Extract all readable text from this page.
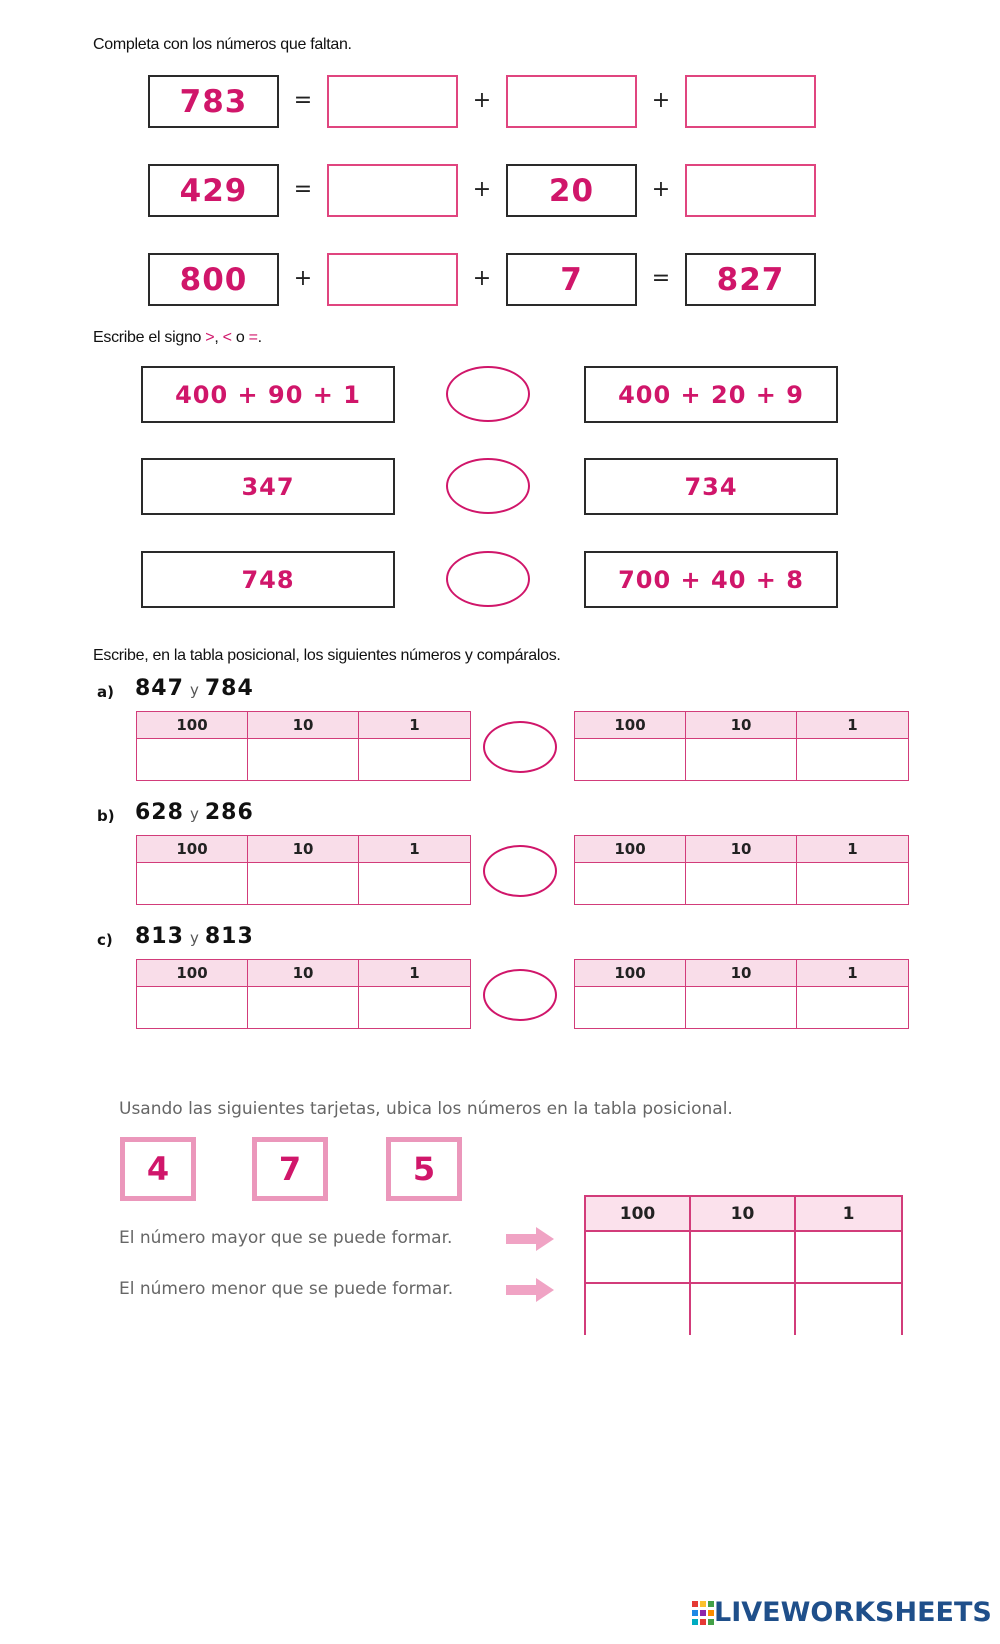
Completa con los números que faltan.
783	=	+	+
429	=	+	20	+
800	+	+	7	=	827
Escribe el signo >, < o =.
400 + 90 + 1	400 + 20 + 9
347	734
748	700 + 40 + 8
Escribe, en la tabla posicional, los siguientes números y compáralos.
a) 847 y 784
100	10	1	100	10	1
b) 628 y 286
100	10	1	100	10	1
c) 813 y 813
100	10	1	100	10	1
Usando las siguientes tarjetas, ubica los números en la tabla posicional.
4	7	5
El número mayor que se puede formar.
El número menor que se puede formar.
100	10	1
LIVEWORKSHEETS
